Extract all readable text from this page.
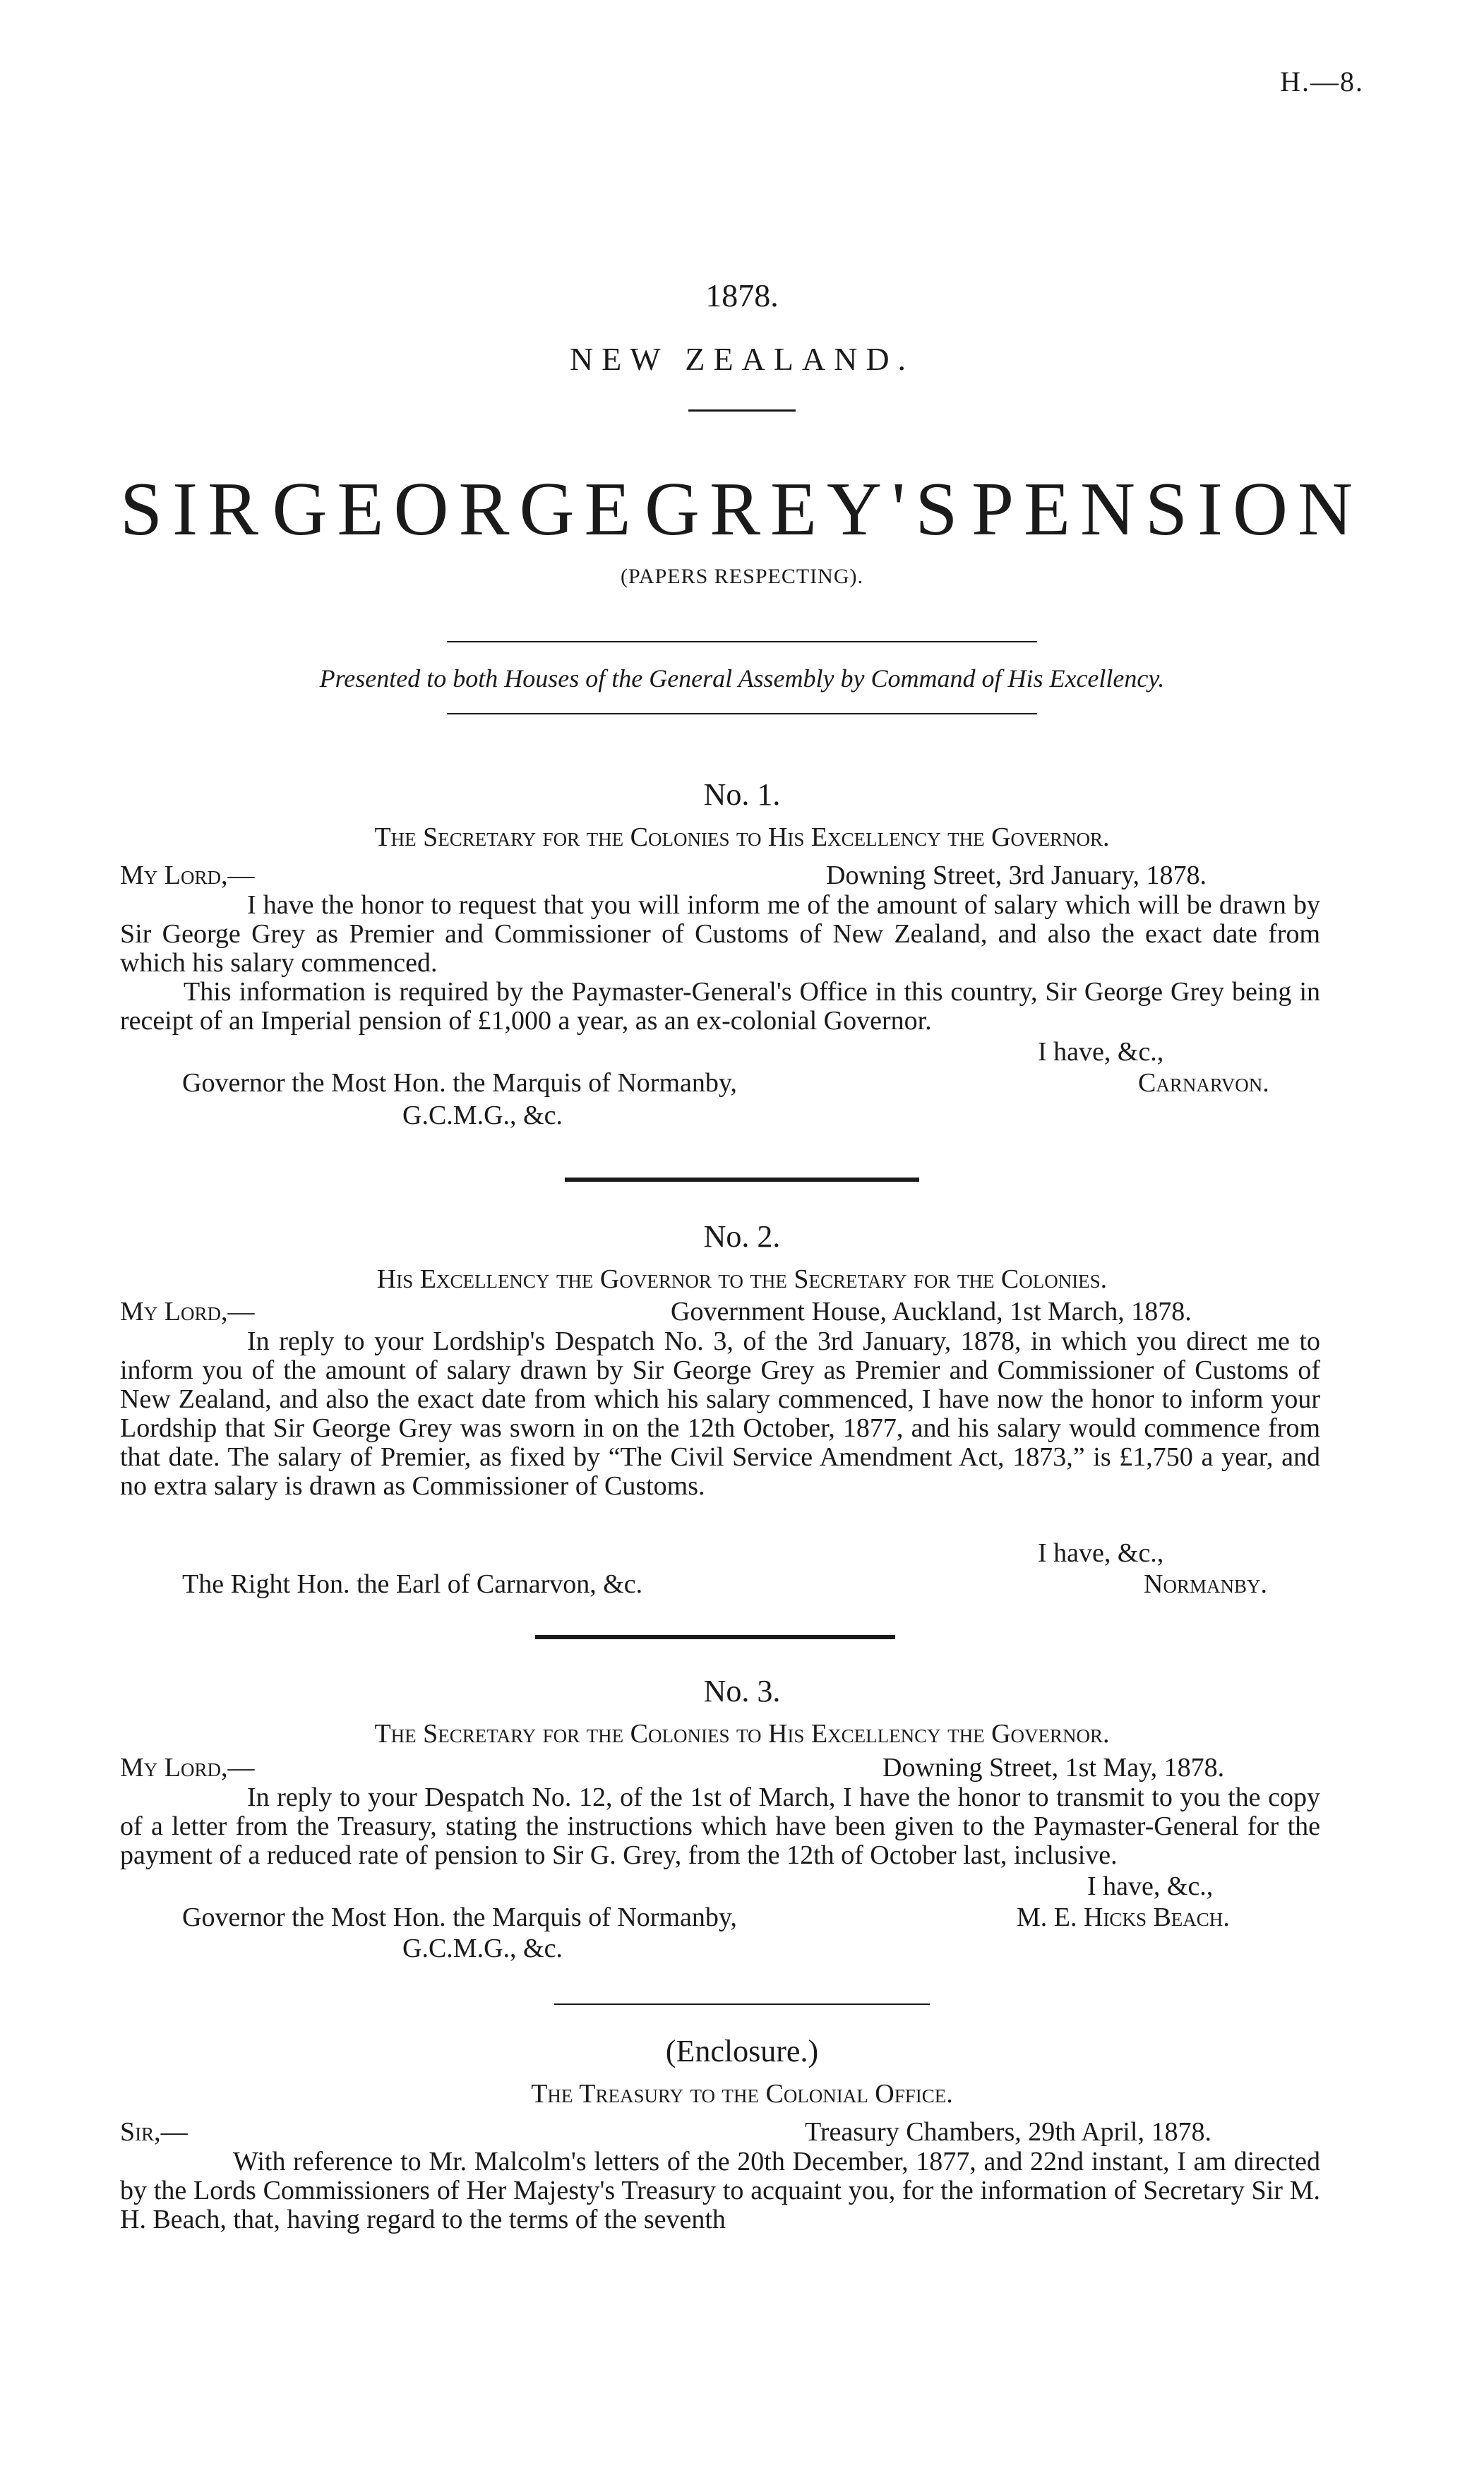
H.—8.
1878.
NEW ZEALAND.
SIR GEORGE GREY'S PENSION
(PAPERS RESPECTING).
Presented to both Houses of the General Assembly by Command of His Excellency.
No. 1.
The Secretary for the Colonies to His Excellency the Governor.
My Lord,—	Downing Street, 3rd January, 1878.

I have the honor to request that you will inform me of the amount of salary which will be drawn by Sir George Grey as Premier and Commissioner of Customs of New Zealand, and also the exact date from which his salary commenced.

This information is required by the Paymaster-General's Office in this country, Sir George Grey being in receipt of an Imperial pension of £1,000 a year, as an ex-colonial Governor.

I have, &c.,
Governor the Most Hon. the Marquis of Normanby,	Carnarvon.
G.C.M.G., &c.
No. 2.
His Excellency the Governor to the Secretary for the Colonies.
My Lord,—	Government House, Auckland, 1st March, 1878.

In reply to your Lordship's Despatch No. 3, of the 3rd January, 1878, in which you direct me to inform you of the amount of salary drawn by Sir George Grey as Premier and Commissioner of Customs of New Zealand, and also the exact date from which his salary commenced, I have now the honor to inform your Lordship that Sir George Grey was sworn in on the 12th October, 1877, and his salary would commence from that date. The salary of Premier, as fixed by “The Civil Service Amendment Act, 1873,” is £1,750 a year, and no extra salary is drawn as Commissioner of Customs.

I have, &c.,
The Right Hon. the Earl of Carnarvon, &c.	Normanby.
No. 3.
The Secretary for the Colonies to His Excellency the Governor.
My Lord,—	Downing Street, 1st May, 1878.

In reply to your Despatch No. 12, of the 1st of March, I have the honor to transmit to you the copy of a letter from the Treasury, stating the instructions which have been given to the Paymaster-General for the payment of a reduced rate of pension to Sir G. Grey, from the 12th of October last, inclusive.

I have, &c.,
Governor the Most Hon. the Marquis of Normanby,	M. E. Hicks Beach.
G.C.M.G., &c.
(Enclosure.)
The Treasury to the Colonial Office.
Sir,—	Treasury Chambers, 29th April, 1878.

With reference to Mr. Malcolm's letters of the 20th December, 1877, and 22nd instant, I am directed by the Lords Commissioners of Her Majesty's Treasury to acquaint you, for the information of Secretary Sir M. H. Beach, that, having regard to the terms of the seventh
